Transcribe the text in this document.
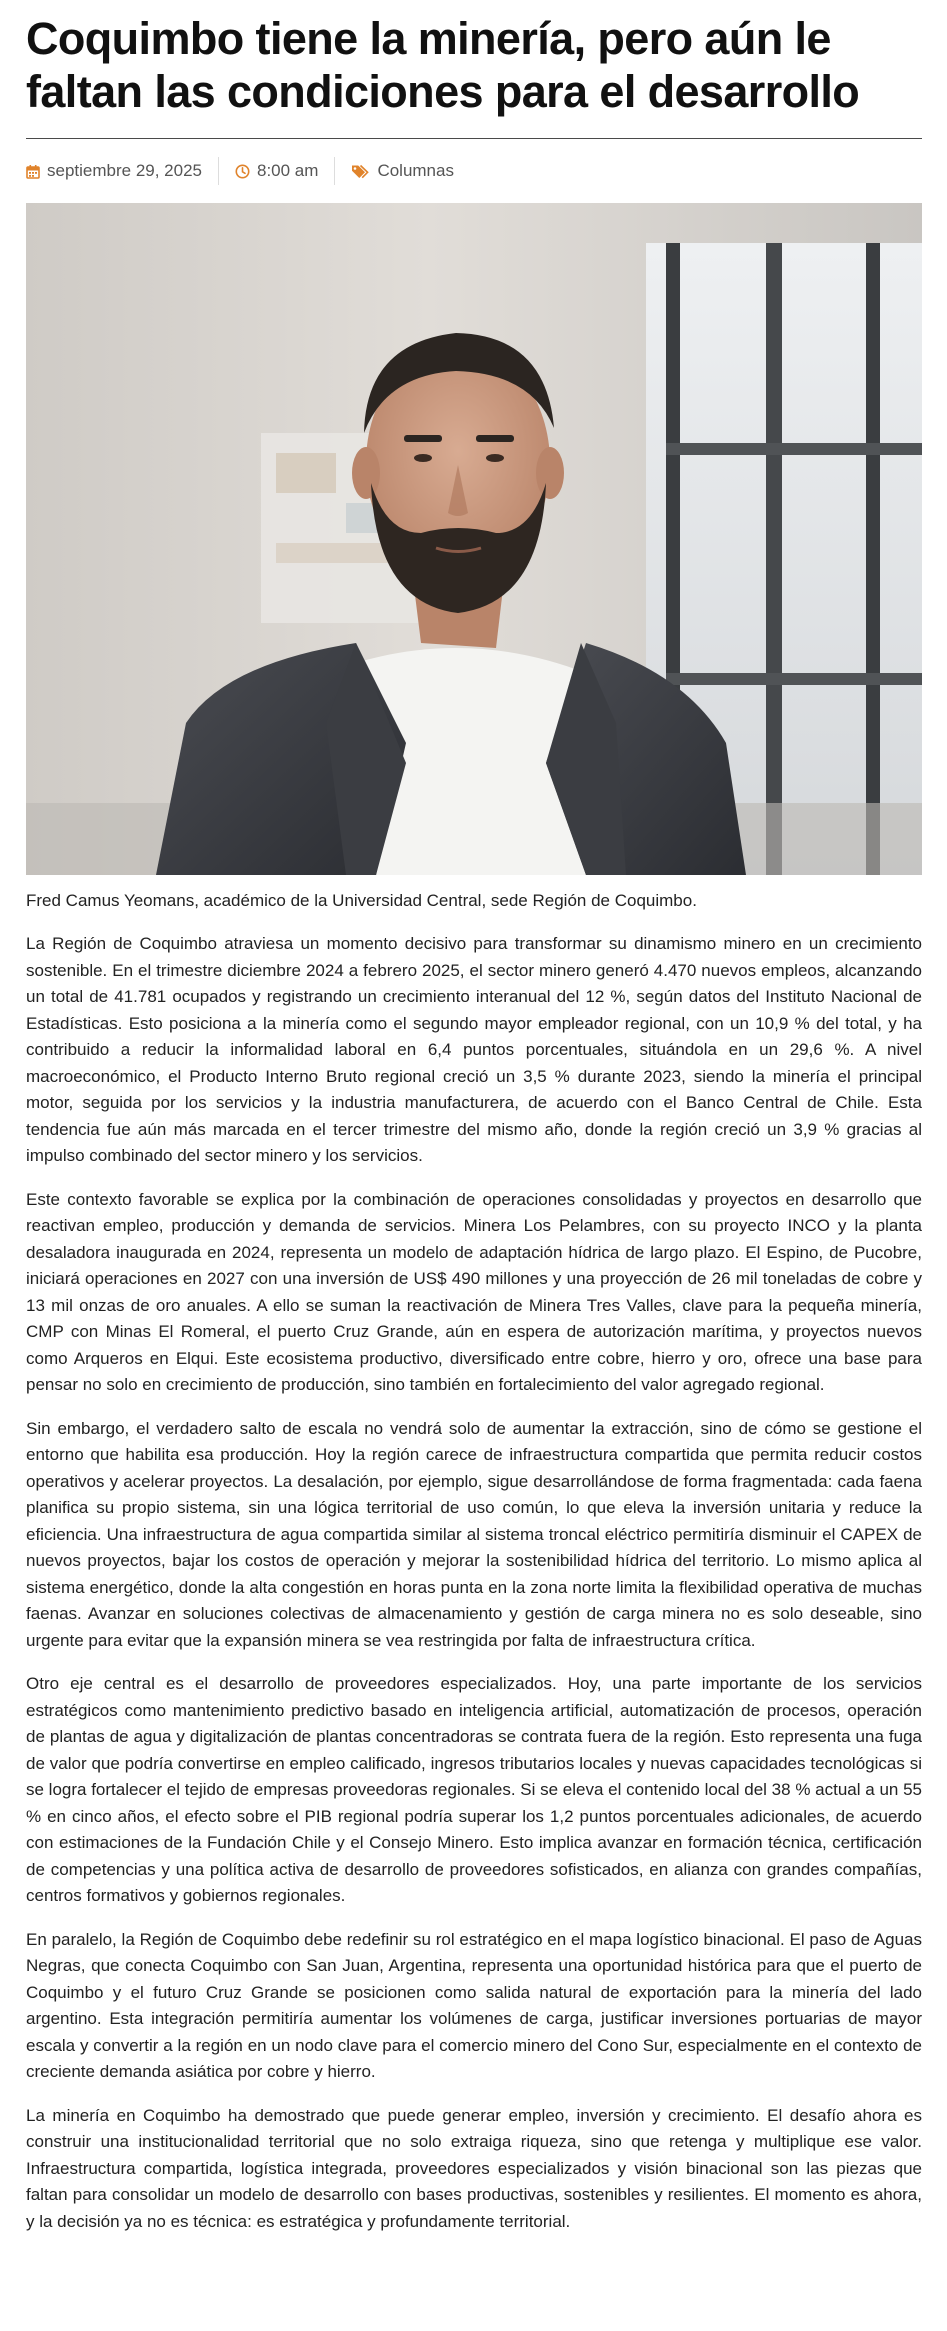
Coquimbo tiene la minería, pero aún le faltan las condiciones para el desarrollo
septiembre 29, 2025	8:00 am	Columnas

Fred Camus Yeomans, académico de la Universidad Central, sede Región de Coquimbo.

La Región de Coquimbo atraviesa un momento decisivo para transformar su dinamismo minero en un crecimiento sostenible. En el trimestre diciembre 2024 a febrero 2025, el sector minero generó 4.470 nuevos empleos, alcanzando un total de 41.781 ocupados y registrando un crecimiento interanual del 12 %, según datos del Instituto Nacional de Estadísticas. Esto posiciona a la minería como el segundo mayor empleador regional, con un 10,9 % del total, y ha contribuido a reducir la informalidad laboral en 6,4 puntos porcentuales, situándola en un 29,6 %. A nivel macroeconómico, el Producto Interno Bruto regional creció un 3,5 % durante 2023, siendo la minería el principal motor, seguida por los servicios y la industria manufacturera, de acuerdo con el Banco Central de Chile. Esta tendencia fue aún más marcada en el tercer trimestre del mismo año, donde la región creció un 3,9 % gracias al impulso combinado del sector minero y los servicios.

Este contexto favorable se explica por la combinación de operaciones consolidadas y proyectos en desarrollo que reactivan empleo, producción y demanda de servicios. Minera Los Pelambres, con su proyecto INCO y la planta desaladora inaugurada en 2024, representa un modelo de adaptación hídrica de largo plazo. El Espino, de Pucobre, iniciará operaciones en 2027 con una inversión de US$ 490 millones y una proyección de 26 mil toneladas de cobre y 13 mil onzas de oro anuales. A ello se suman la reactivación de Minera Tres Valles, clave para la pequeña minería, CMP con Minas El Romeral, el puerto Cruz Grande, aún en espera de autorización marítima, y proyectos nuevos como Arqueros en Elqui. Este ecosistema productivo, diversificado entre cobre, hierro y oro, ofrece una base para pensar no solo en crecimiento de producción, sino también en fortalecimiento del valor agregado regional.

Sin embargo, el verdadero salto de escala no vendrá solo de aumentar la extracción, sino de cómo se gestione el entorno que habilita esa producción. Hoy la región carece de infraestructura compartida que permita reducir costos operativos y acelerar proyectos. La desalación, por ejemplo, sigue desarrollándose de forma fragmentada: cada faena planifica su propio sistema, sin una lógica territorial de uso común, lo que eleva la inversión unitaria y reduce la eficiencia. Una infraestructura de agua compartida similar al sistema troncal eléctrico permitiría disminuir el CAPEX de nuevos proyectos, bajar los costos de operación y mejorar la sostenibilidad hídrica del territorio. Lo mismo aplica al sistema energético, donde la alta congestión en horas punta en la zona norte limita la flexibilidad operativa de muchas faenas. Avanzar en soluciones colectivas de almacenamiento y gestión de carga minera no es solo deseable, sino urgente para evitar que la expansión minera se vea restringida por falta de infraestructura crítica.

Otro eje central es el desarrollo de proveedores especializados. Hoy, una parte importante de los servicios estratégicos como mantenimiento predictivo basado en inteligencia artificial, automatización de procesos, operación de plantas de agua y digitalización de plantas concentradoras se contrata fuera de la región. Esto representa una fuga de valor que podría convertirse en empleo calificado, ingresos tributarios locales y nuevas capacidades tecnológicas si se logra fortalecer el tejido de empresas proveedoras regionales. Si se eleva el contenido local del 38 % actual a un 55 % en cinco años, el efecto sobre el PIB regional podría superar los 1,2 puntos porcentuales adicionales, de acuerdo con estimaciones de la Fundación Chile y el Consejo Minero. Esto implica avanzar en formación técnica, certificación de competencias y una política activa de desarrollo de proveedores sofisticados, en alianza con grandes compañías, centros formativos y gobiernos regionales.

En paralelo, la Región de Coquimbo debe redefinir su rol estratégico en el mapa logístico binacional. El paso de Aguas Negras, que conecta Coquimbo con San Juan, Argentina, representa una oportunidad histórica para que el puerto de Coquimbo y el futuro Cruz Grande se posicionen como salida natural de exportación para la minería del lado argentino. Esta integración permitiría aumentar los volúmenes de carga, justificar inversiones portuarias de mayor escala y convertir a la región en un nodo clave para el comercio minero del Cono Sur, especialmente en el contexto de creciente demanda asiática por cobre y hierro.

La minería en Coquimbo ha demostrado que puede generar empleo, inversión y crecimiento. El desafío ahora es construir una institucionalidad territorial que no solo extraiga riqueza, sino que retenga y multiplique ese valor. Infraestructura compartida, logística integrada, proveedores especializados y visión binacional son las piezas que faltan para consolidar un modelo de desarrollo con bases productivas, sostenibles y resilientes. El momento es ahora, y la decisión ya no es técnica: es estratégica y profundamente territorial.
